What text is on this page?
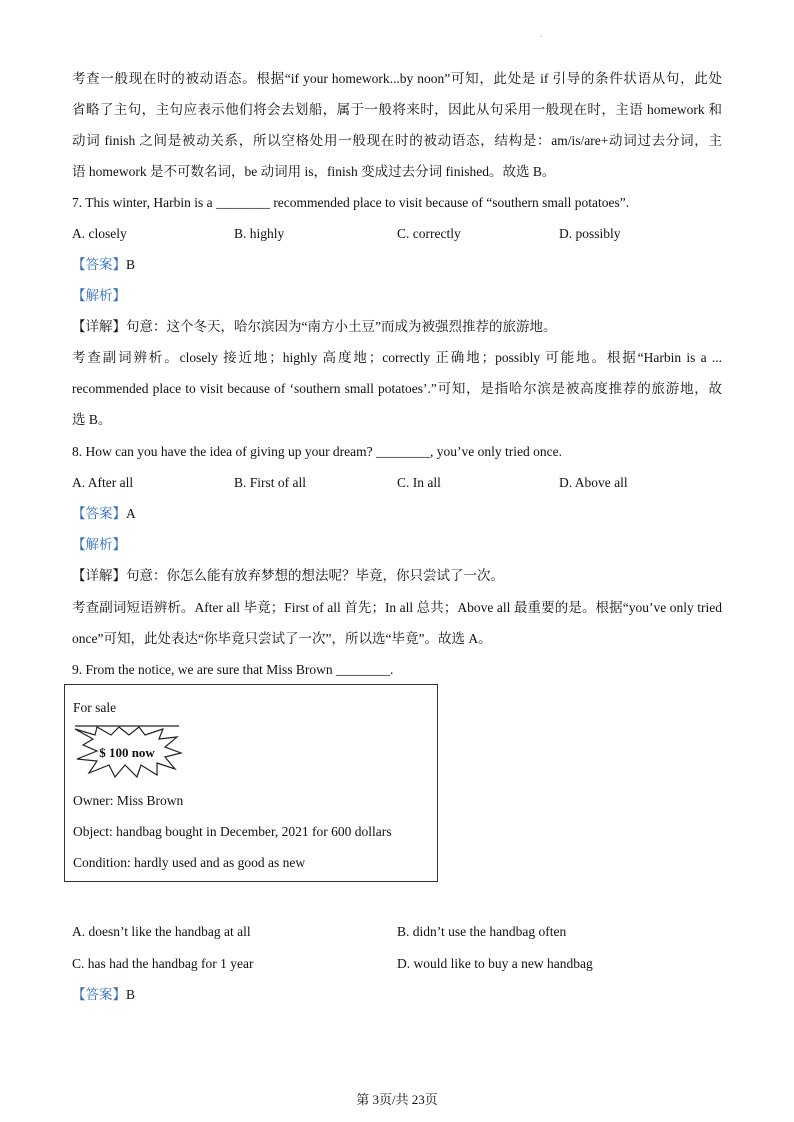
.
考查一般现在时的被动语态。根据“if your homework...by noon”可知，此处是 if 引导的条件状语从句，此处
省略了主句，主句应表示他们将会去划船，属于一般将来时，因此从句采用一般现在时，主语 homework 和
动词 finish 之间是被动关系，所以空格处用一般现在时的被动语态，结构是：am/is/are+动词过去分词，主
语 homework 是不可数名词，be 动词用 is，finish 变成过去分词 finished。故选 B。
7. This winter, Harbin is a ________ recommended place to visit because of “southern small potatoes”.
A. closely	B. highly	C. correctly	D. possibly
【答案】B
【解析】
【详解】句意：这个冬天，哈尔滨因为“南方小土豆”而成为被强烈推荐的旅游地。
考查副词辨析。closely 接近地；highly 高度地；correctly 正确地；possibly 可能地。根据“Harbin is a ...
recommended place to visit because of ‘southern small potatoes’.”可知，是指哈尔滨是被高度推荐的旅游地，故
选 B。
8. How can you have the idea of giving up your dream? ________, you’ve only tried once.
A. After all	B. First of all	C. In all	D. Above all
【答案】A
【解析】
【详解】句意：你怎么能有放弃梦想的想法呢？毕竟，你只尝试了一次。
考查副词短语辨析。After all 毕竟；First of all 首先；In all 总共；Above all 最重要的是。根据“you’ve only tried
once”可知，此处表达“你毕竟只尝试了一次”，所以选“毕竟”。故选 A。
9. From the notice, we are sure that Miss Brown ________.
For sale
$ 100 now
Owner: Miss Brown
Object: handbag bought in December, 2021 for 600 dollars
Condition: hardly used and as good as new
A. doesn’t like the handbag at all	B. didn’t use the handbag often
C. has had the handbag for 1 year	D. would like to buy a new handbag
【答案】B
第 3页/共 23页
